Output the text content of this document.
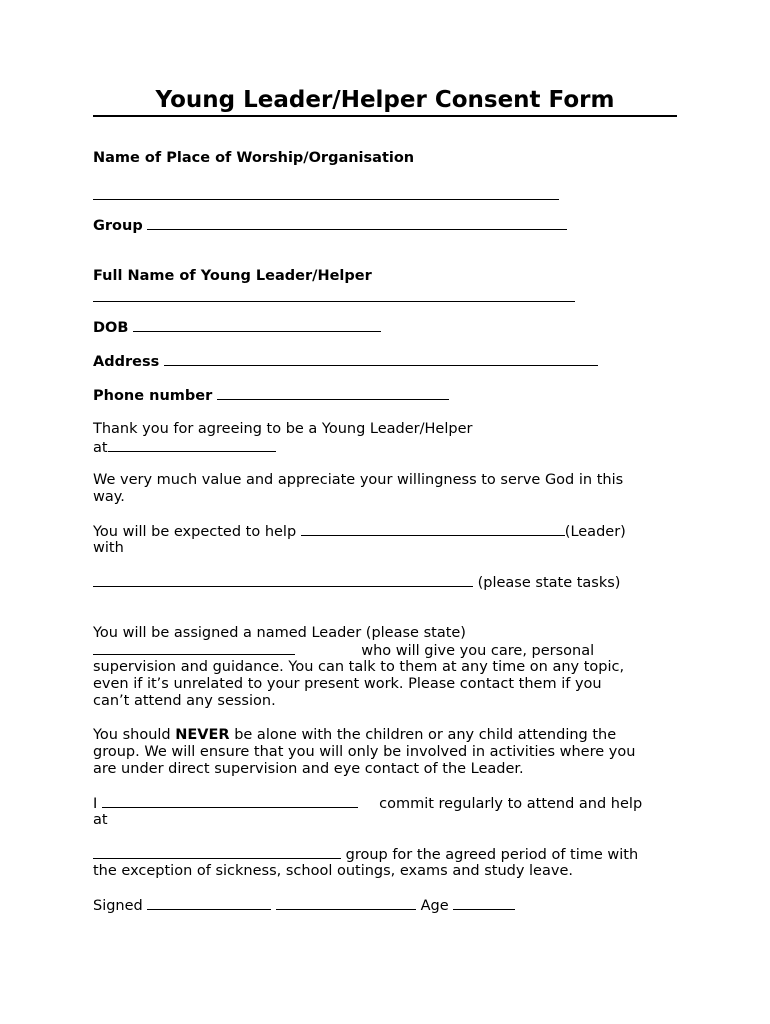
Young Leader/Helper Consent Form
Name of Place of Worship/Organisation
Group
Full Name of Young Leader/Helper
DOB
Address
Phone number
Thank you for agreeing to be a Young Leader/Helper
at
We very much value and appreciate your willingness to serve God in this
way.
You will be expected to help	(Leader)
with
(please state tasks)
You will be assigned a named Leader (please state)
who will give you care, personal
supervision and guidance. You can talk to them at any time on any topic,
even if it’s unrelated to your present work. Please contact them if you
can’t attend any session.
You should NEVER be alone with the children or any child attending the
group. We will ensure that you will only be involved in activities where you
are under direct supervision and eye contact of the Leader.
I	commit regularly to attend and help
at
group for the agreed period of time with
the exception of sickness, school outings, exams and study leave.
Signed	Age
